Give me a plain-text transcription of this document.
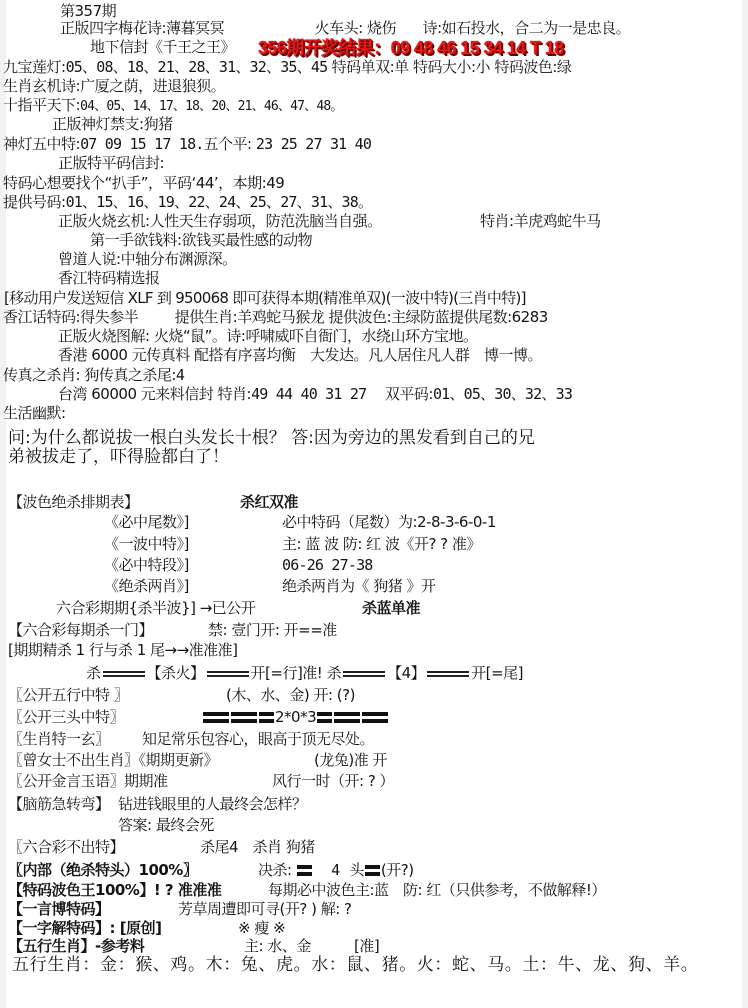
第357期
正版四字梅花诗:薄暮冥冥	火车头: 烧伤 诗:如石投水，合二为一是忠良。
地下信封《千王之王》 356期开奖结果：09 48 46 15 34 14 T 18
九宝莲灯:05、08、18、21、28、31、32、35、45 特码单双:单 特码大小:小 特码波色:绿
生肖玄机诗:广厦之荫，进退狼狈。
十指平天下:04、05、14、17、18、20、21、46、47、48。
正版神灯禁支:狗猪
神灯五中特:07 09 15 17 18.五个平: 23 25 27 31 40
正版特平码信封:
特码心想要找个“扒手”，平码‘44’，本期:49
提供号码:01、15、16、19、22、24、25、27、31、38。
正版火烧玄机:人性天生存弱项，防范洗脑当自强。	特肖:羊虎鸡蛇牛马
第一手欲钱料:欲钱买最性感的动物
曾道人说:中轴分布渊源深。
香江特码精选报
[移动用户发送短信 XLF 到 950068 即可获得本期(精准单双)(一波中特)(三肖中特)]
香江话特码:得失参半 提供生肖:羊鸡蛇马猴龙 提供波色:主绿防蓝提供尾数:6283
正版火烧图解: 火烧“鼠”。诗:呼啸威吓自衙门，水绕山环方宝地。
香港 6000 元传真料 配搭有序喜均衡　大发达。凡人居住凡人群　博一博。
传真之杀肖: 狗传真之杀尾:4
台湾 60000 元来料信封 特肖:49 44 40 31 27 双平码:01、05、30、32、33
生活幽默:
问:为什么都说拔一根白头发长十根？ 答:因为旁边的黑发看到自己的兄
弟被拔走了，吓得脸都白了！
【波色绝杀排期表】	杀红双准
《必中尾数》]	必中特码（尾数）为:2-8-3-6-0-1
《一波中特》]	主: 蓝 波 防: 红 波《开? ? 准》
《必中特段》]	06-26 27-38
《绝杀两肖》]	绝杀两肖为《 狗猪 》开
六合彩期期{杀半波}] →已公开	杀蓝单准
【六合彩每期杀一门】	禁: 壹门开: 开==准
[期期精杀 1 行与杀 1 尾→→准准准]
杀	【杀火】	开[=行]准! 杀	【4】	开[=尾]
〖公开五行中特 〗	(木、水、金) 开: (?)
〖公开三头中特〗	2*0*3
〖生肖特一玄〗 知足常乐包容心，眼高于顶无尽处。
〖曾女士不出生肖〗《期期更新》	(龙兔)准 开
〖公开金言玉语〗期期准	风行一时（开: ? ）
【脑筋急转弯】 钻进钱眼里的人最终会怎样？
答案: 最终会死
〖六合彩不出特】	杀尾4　杀肖 狗猪
〖内部（绝杀特头）100%〗	决杀:	4 头 (开?)
【特码波色王100%】! ? 准准准	每期必中波色主:蓝　防: 红（只供参考，不做解释!）
【一言博特码】	芳草周遭即可寻(开? ) 解: ?
【一字解特码】: [原创]	※ 瘦 ※
【五行生肖】-参考料	主: 水、金	[准]
五行生肖：金：猴、鸡。木：兔、虎。水：鼠、猪。火：蛇、马。土：牛、龙、狗、羊。
